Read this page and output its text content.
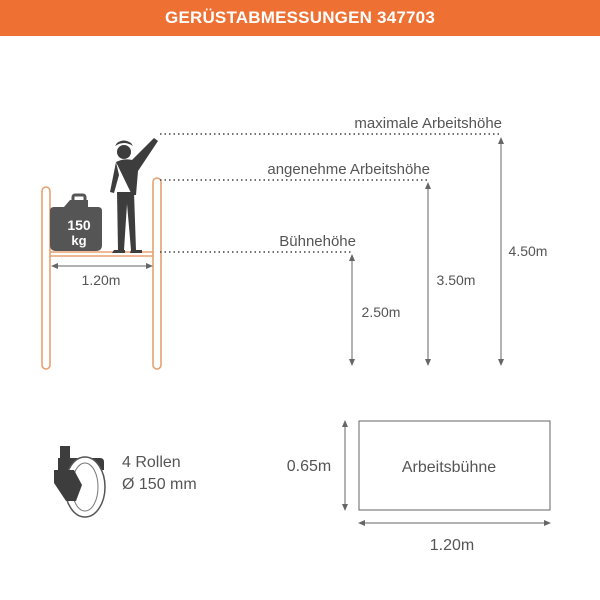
GERÜSTABMESSUNGEN 347703
150
kg
1.20m
maximale Arbeitshöhe
4.50m
angenehme Arbeitshöhe
3.50m
Bühnehöhe
2.50m
4 Rollen
Ø 150 mm
Arbeitsbühne
0.65m
1.20m
